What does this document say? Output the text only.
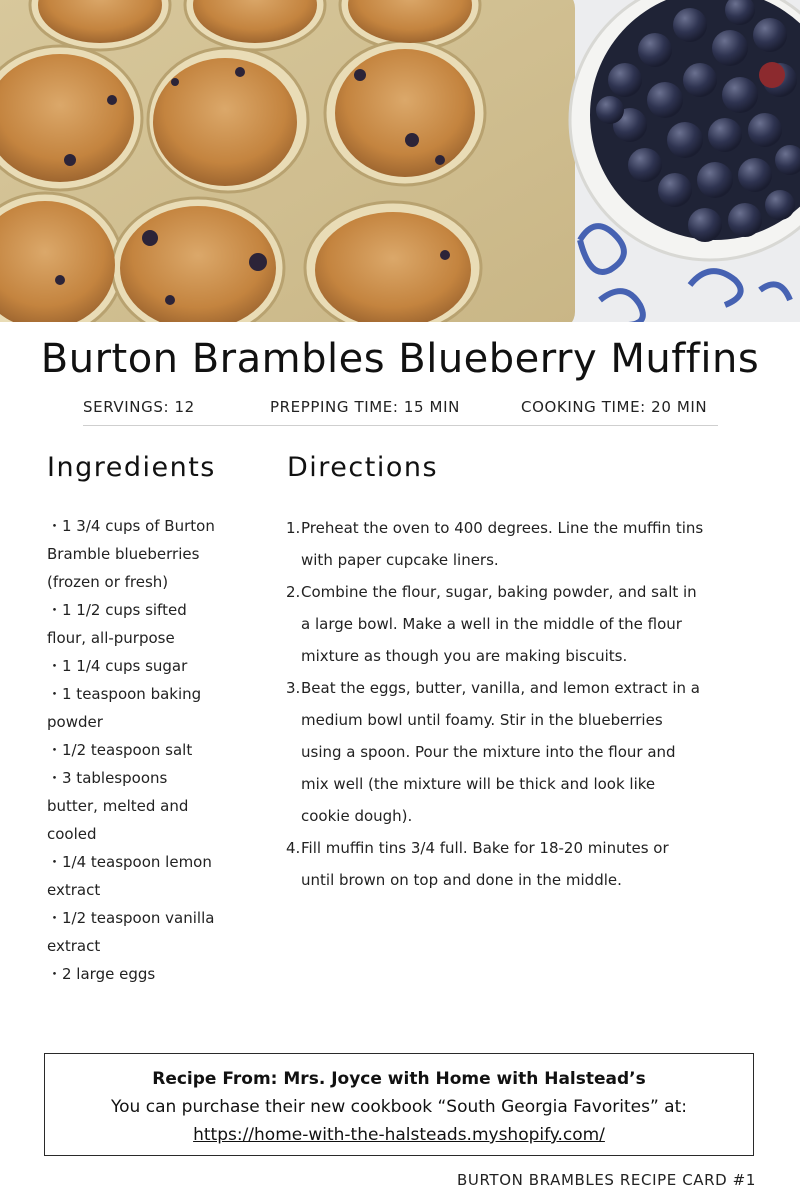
Burton Brambles Blueberry Muffins
SERVINGS: 12	PREPPING TIME: 15 MIN	COOKING TIME: 20 MIN
Ingredients	Directions
・1 3/4 cups of Burton Bramble blueberries (frozen or fresh)
・1 1/2 cups sifted flour, all-purpose
・1 1/4 cups sugar
・1 teaspoon baking powder
・1/2 teaspoon salt
・3 tablespoons butter, melted and cooled
・1/4 teaspoon lemon extract
・1/2 teaspoon vanilla extract
・2 large eggs
1. Preheat the oven to 400 degrees. Line the muffin tins with paper cupcake liners.
2. Combine the flour, sugar, baking powder, and salt in a large bowl. Make a well in the middle of the flour mixture as though you are making biscuits.
3. Beat the eggs, butter, vanilla, and lemon extract in a medium bowl until foamy. Stir in the blueberries using a spoon. Pour the mixture into the flour and mix well (the mixture will be thick and look like cookie dough).
4. Fill muffin tins 3/4 full. Bake for 18-20 minutes or until brown on top and done in the middle.
Recipe From: Mrs. Joyce with Home with Halstead’s
You can purchase their new cookbook “South Georgia Favorites” at:
https://home-with-the-halsteads.myshopify.com/
BURTON BRAMBLES RECIPE CARD #1
